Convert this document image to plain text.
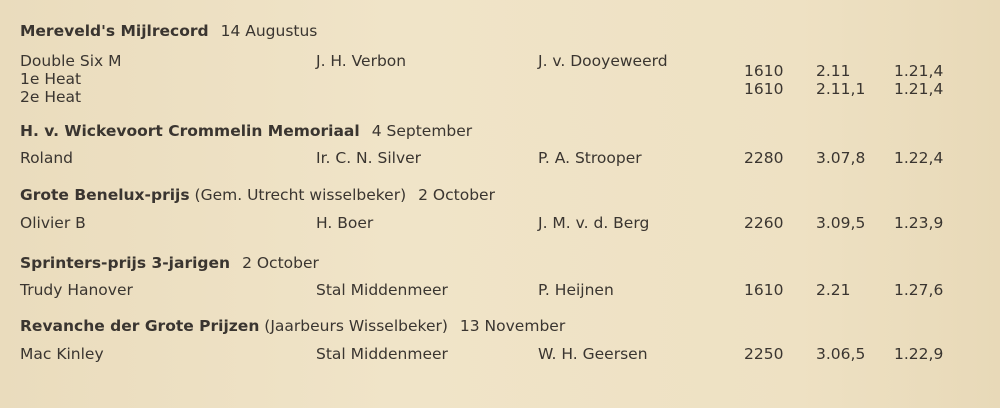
Mereveld's Mijlrecord 14 Augustus
Double Six M	J. H. Verbon	J. v. Dooyeweerd
1e Heat	1610 2.11	1.21,4
2e Heat	1610 2.11,1 1.21,4
H. v. Wickevoort Crommelin Memoriaal 4 September
Roland	Ir. C. N. Silver	P. A. Strooper	2280 3.07,8 1.22,4
Grote Benelux-prijs (Gem. Utrecht wisselbeker) 2 October
Olivier B	H. Boer	J. M. v. d. Berg	2260 3.09,5 1.23,9
Sprinters-prijs 3-jarigen 2 October
Trudy Hanover	Stal Middenmeer	P. Heijnen	1610 2.21	1.27,6
Revanche der Grote Prijzen (Jaarbeurs Wisselbeker) 13 November
Mac Kinley	Stal Middenmeer	W. H. Geersen	2250 3.06,5 1.22,9
